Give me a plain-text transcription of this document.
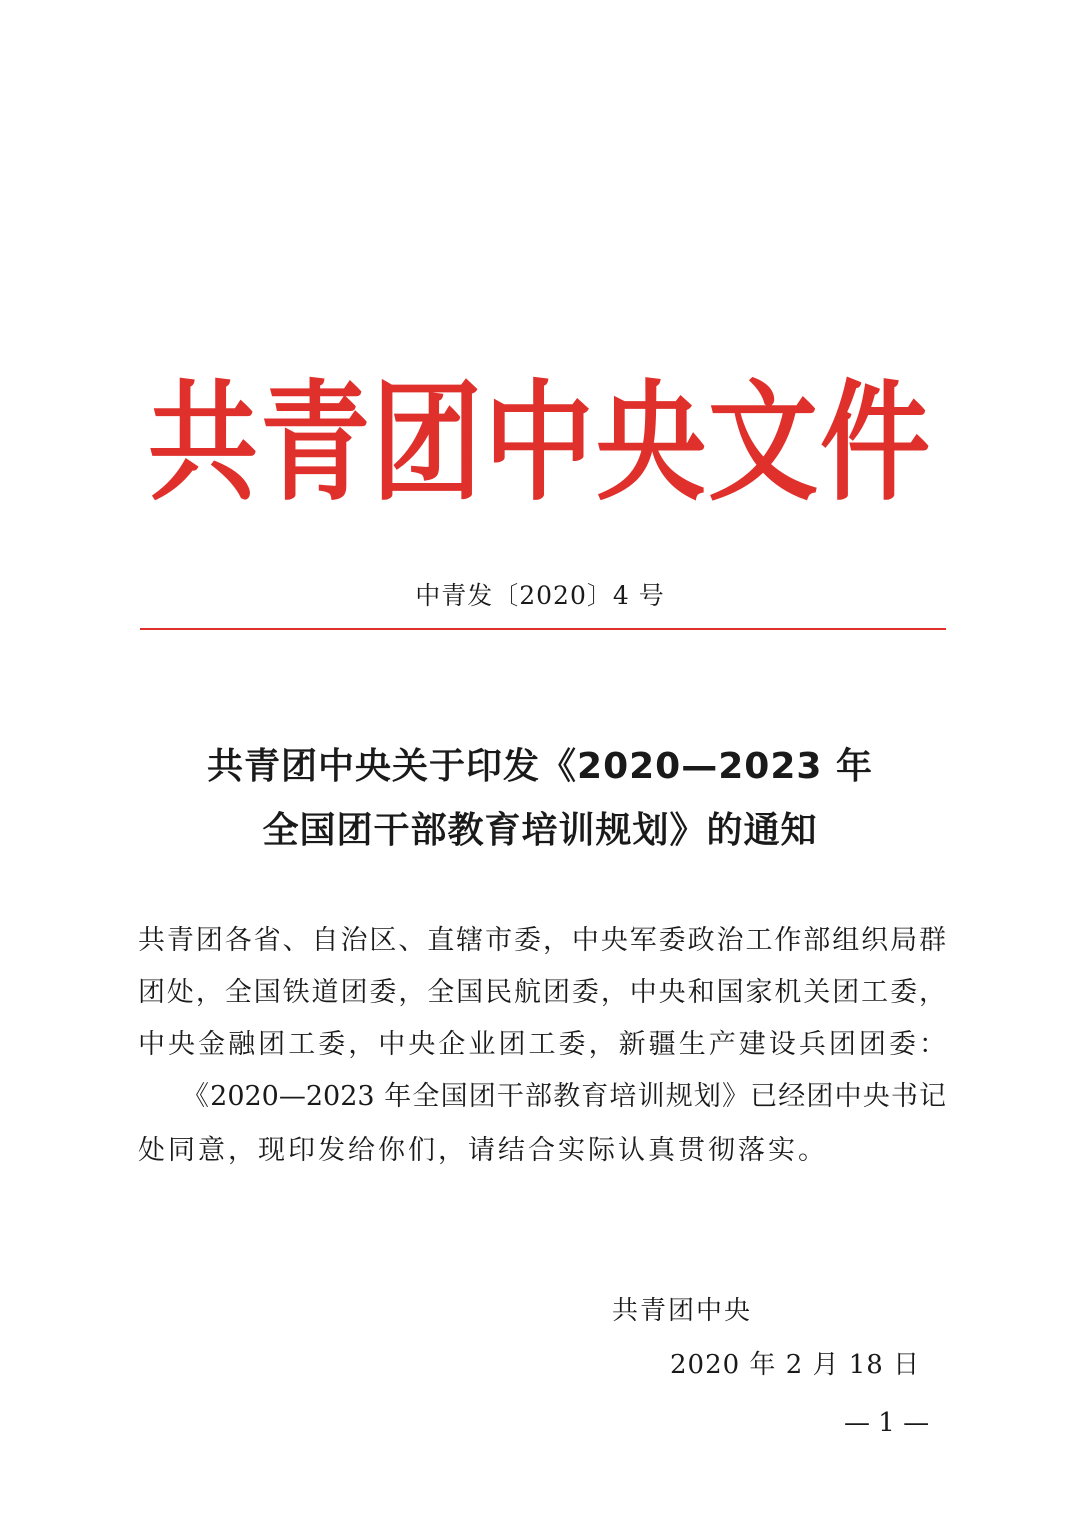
共青团中央文件
中青发〔2020〕4 号
共青团中央关于印发《2020—2023 年
全国团干部教育培训规划》的通知
共青团各省、自治区、直辖市委，中央军委政治工作部组织局群
团处，全国铁道团委，全国民航团委，中央和国家机关团工委，
中央金融团工委，中央企业团工委，新疆生产建设兵团团委：
《2020—2023 年全国团干部教育培训规划》已经团中央书记
处同意，现印发给你们，请结合实际认真贯彻落实。
共青团中央
2020 年 2 月 18 日
— 1 —
